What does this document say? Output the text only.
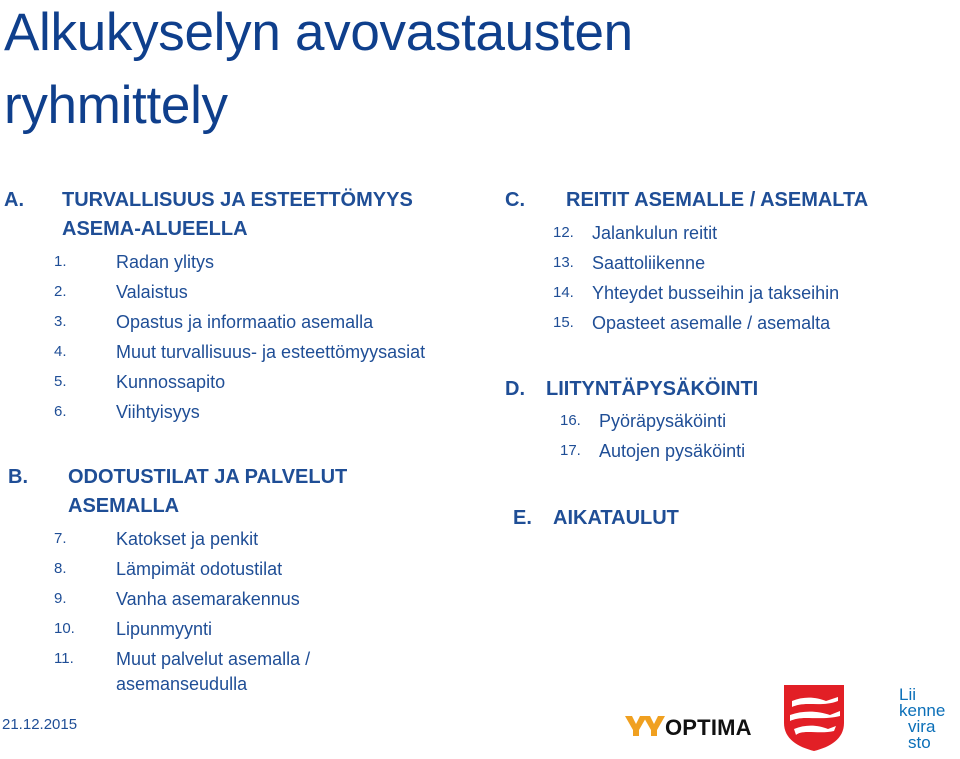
Alkukyselyn avovastausten
ryhmittely
A. TURVALLISUUS JA ESTEETTÖMYYS
ASEMA-ALUEELLA
1.	Radan ylitys
2.	Valaistus
3.	Opastus ja informaatio asemalla
4.	Muut turvallisuus- ja esteettömyysasiat
5.	Kunnossapito
6.	Viihtyisyys
B. ODOTUSTILAT JA PALVELUT
ASEMALLA
7.	Katokset ja penkit
8.	Lämpimät odotustilat
9.	Vanha asemarakennus
10. Lipunmyynti
11. Muut palvelut asemalla /
asemanseudulla
C. REITIT ASEMALLE / ASEMALTA
12. Jalankulun reitit
13. Saattoliikenne
14. Yhteydet busseihin ja takseihin
15. Opasteet asemalle / asemalta
D. LIITYNTÄPYSÄKÖINTI
16. Pyöräpysäköinti
17. Autojen pysäköinti
E. AIKATAULUT
21.12.2015	OPTIMA
Lii
kenne
vira
sto
